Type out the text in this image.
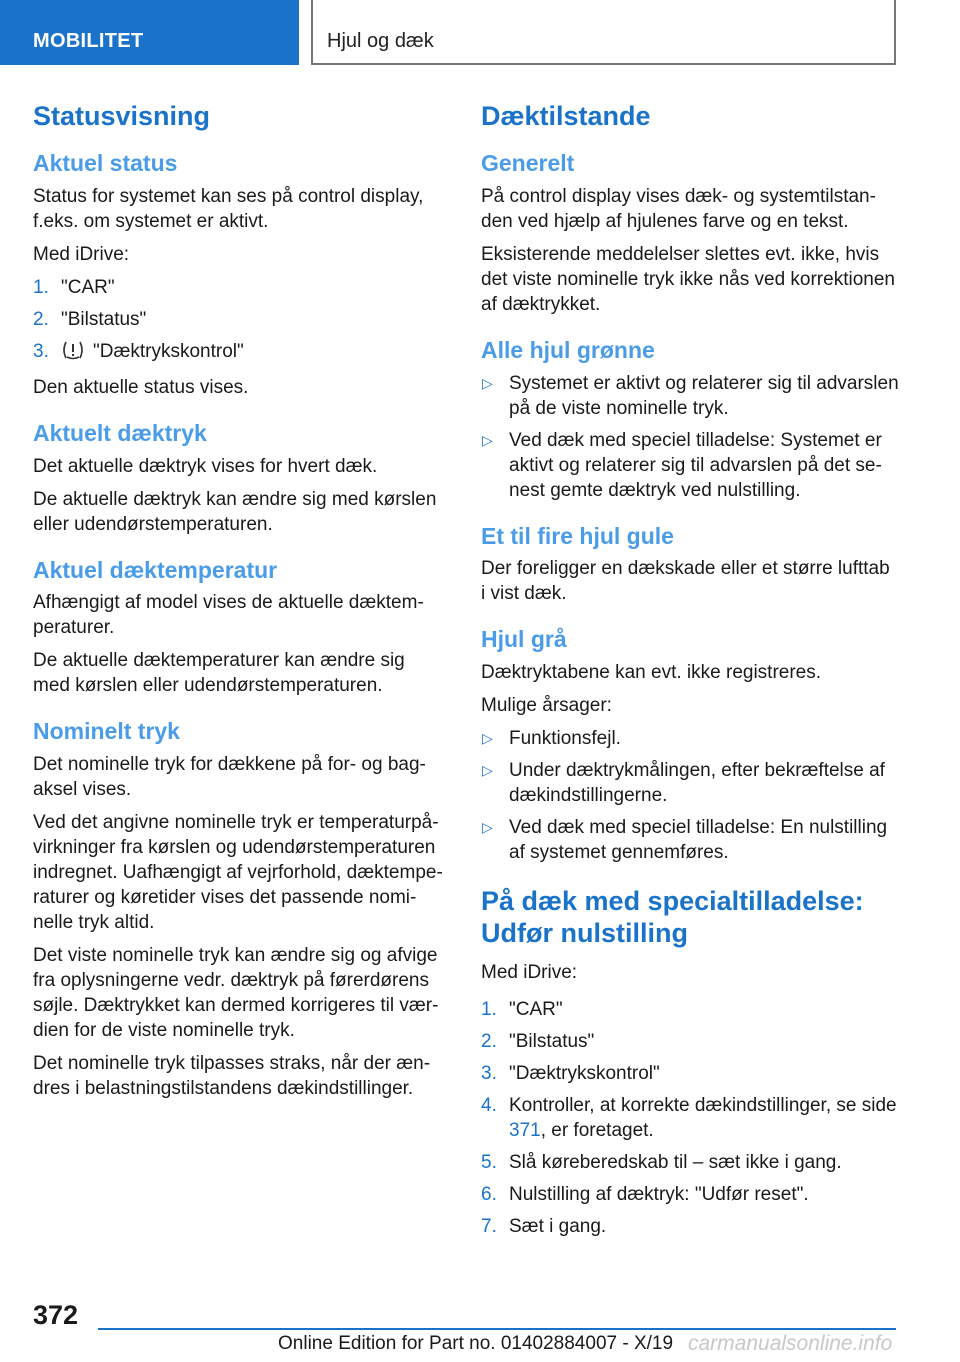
MOBILITET	Hjul og dæk
Statusvisning
Aktuel status

Status for systemet kan ses på control display, f.eks. om systemet er aktivt.

Med iDrive:

1. "CAR"
2. "Bilstatus"
3. "Dæktrykskontrol"

Den aktuelle status vises.

Aktuelt dæktryk

Det aktuelle dæktryk vises for hvert dæk.

De aktuelle dæktryk kan ændre sig med kørslen eller udendørstemperaturen.

Aktuel dæktemperatur

Afhængigt af model vises de aktuelle dæktemperaturer.

De aktuelle dæktemperaturer kan ændre sig med kørslen eller udendørstemperaturen.

Nominelt tryk

Det nominelle tryk for dækkene på for- og bagaksel vises.

Ved det angivne nominelle tryk er temperaturpåvirkninger fra kørslen og udendørstemperaturen indregnet. Uafhængigt af vejrforhold, dæktemperaturer og køretider vises det passende nominelle tryk altid.

Det viste nominelle tryk kan ændre sig og afvige fra oplysningerne vedr. dæktryk på førerdørens søjle. Dæktrykket kan dermed korrigeres til værdien for de viste nominelle tryk.

Det nominelle tryk tilpasses straks, når der ændres i belastningstilstandens dækindstillinger.

Dæktilstande
Generelt

På control display vises dæk- og systemtilstanden ved hjælp af hjulenes farve og en tekst.

Eksisterende meddelelser slettes evt. ikke, hvis det viste nominelle tryk ikke nås ved korrektionen af dæktrykket.

Alle hjul grønne
▷ Systemet er aktivt og relaterer sig til advarslen på de viste nominelle tryk.
▷ Ved dæk med speciel tilladelse: Systemet er aktivt og relaterer sig til advarslen på det senest gemte dæktryk ved nulstilling.
Et til fire hjul gule

Der foreligger en dækskade eller et større lufttab i vist dæk.

Hjul grå

Dæktryktabene kan evt. ikke registreres.

Mulige årsager:

▷ Funktionsfejl.
▷ Under dæktrykmålingen, efter bekræftelse af dækindstillingerne.
▷ Ved dæk med speciel tilladelse: En nulstilling af systemet gennemføres.
På dæk med specialtilladelse: Udfør nulstilling

Med iDrive:

1. "CAR"
2. "Bilstatus"
3. "Dæktrykskontrol"
4. Kontroller, at korrekte dækindstillinger, se side 371, er foretaget.
5. Slå køreberedskab til – sæt ikke i gang.
6. Nulstilling af dæktryk: "Udfør reset".
7. Sæt i gang.
372
Online Edition for Part no. 01402884007 - X/19 carmanualsonline.info
